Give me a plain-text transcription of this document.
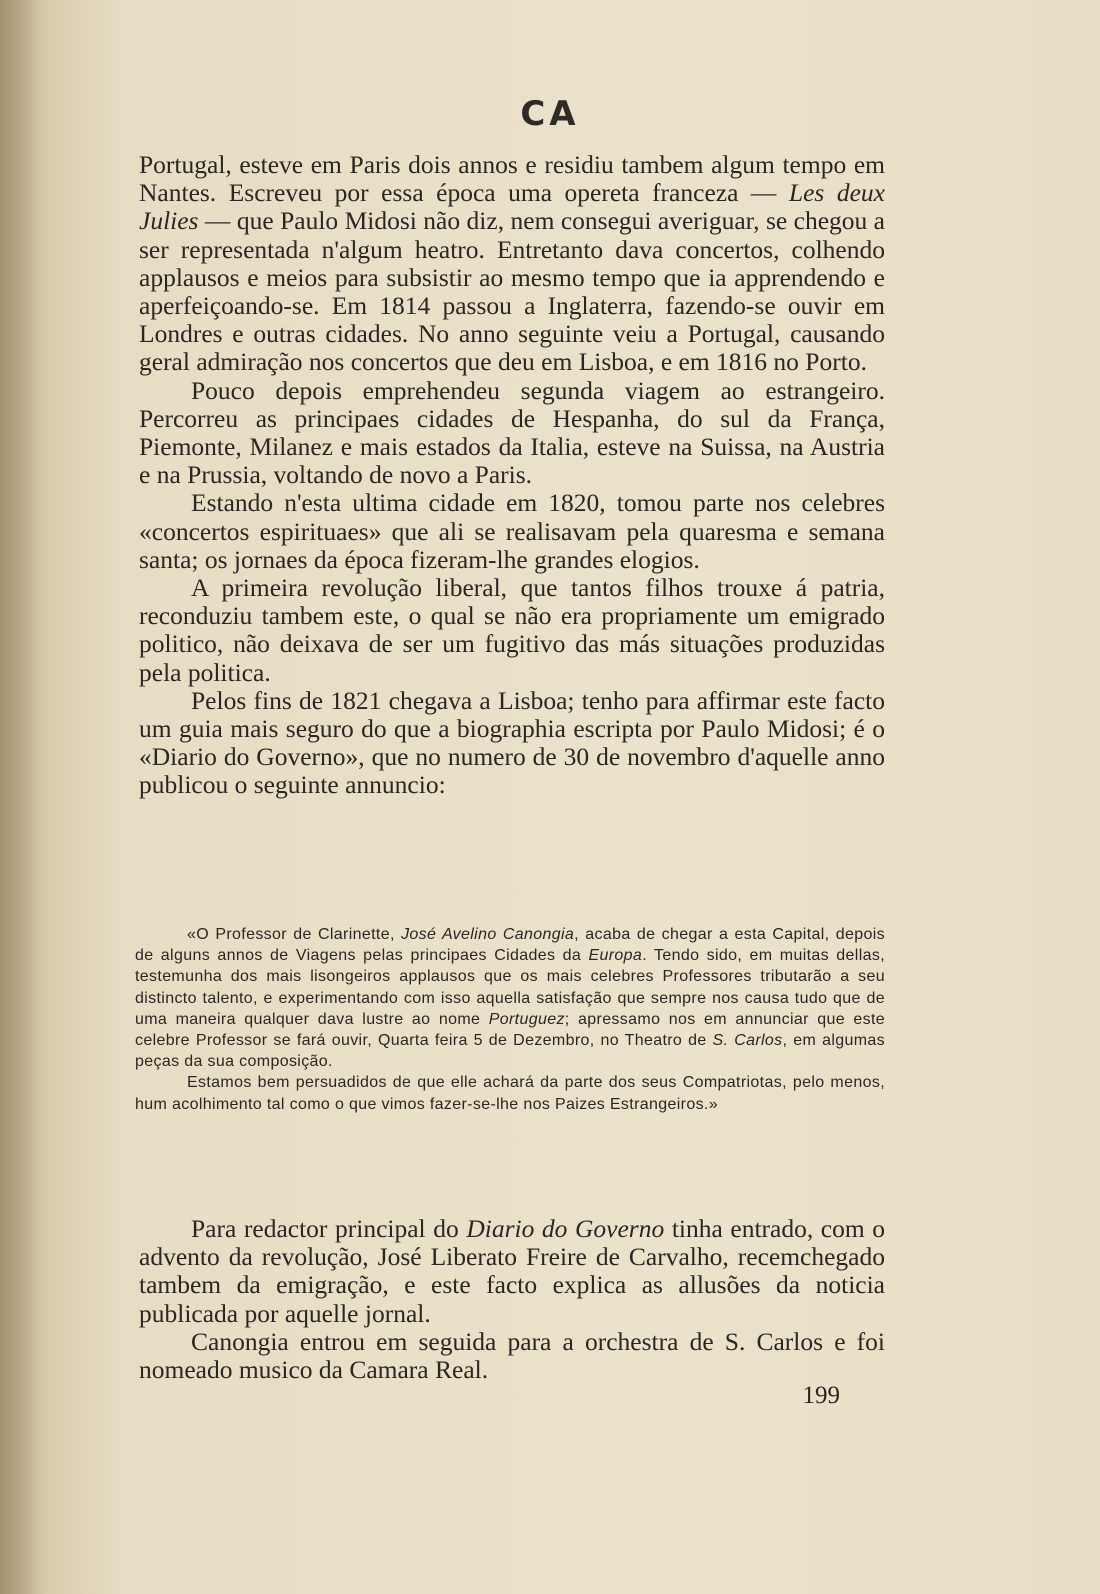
CA

Portugal, esteve em Paris dois annos e residiu tambem algum tempo em Nantes. Escreveu por essa época uma opereta franceza — Les deux Julies — que Paulo Midosi não diz, nem consegui averiguar, se chegou a ser representada n'algum heatro. Entretanto dava concertos, colhendo applausos e meios para subsistir ao mesmo tempo que ia apprendendo e aperfeiçoando-se. Em 1814 passou a Inglaterra, fazendo-se ouvir em Londres e outras cidades. No anno seguinte veiu a Portugal, causando geral admiração nos concertos que deu em Lisboa, e em 1816 no Porto.

Pouco depois emprehendeu segunda viagem ao estrangeiro. Percorreu as principaes cidades de Hespanha, do sul da França, Piemonte, Milanez e mais estados da Italia, esteve na Suissa, na Austria e na Prussia, voltando de novo a Paris.

Estando n'esta ultima cidade em 1820, tomou parte nos celebres «concertos espirituaes» que ali se realisavam pela quaresma e semana santa; os jornaes da época fizeram-lhe grandes elogios.

A primeira revolução liberal, que tantos filhos trouxe á patria, reconduziu tambem este, o qual se não era propriamente um emigrado politico, não deixava de ser um fugitivo das más situações produzidas pela politica.

Pelos fins de 1821 chegava a Lisboa; tenho para affirmar este facto um guia mais seguro do que a biographia escripta por Paulo Midosi; é o «Diario do Governo», que no numero de 30 de novembro d'aquelle anno publicou o seguinte annuncio:

«O Professor de Clarinette, José Avelino Canongia, acaba de chegar a esta Capital, depois de alguns annos de Viagens pelas principaes Cidades da Europa. Tendo sido, em muitas dellas, testemunha dos mais lisongeiros applausos que os mais celebres Professores tributarão a seu distincto talento, e experimentando com isso aquella satisfação que sempre nos causa tudo que de uma maneira qualquer dava lustre ao nome Portuguez; apressamo nos em annunciar que este celebre Professor se fará ouvir, Quarta feira 5 de Dezembro, no Theatro de S. Carlos, em algumas peças da sua composição.

Estamos bem persuadidos de que elle achará da parte dos seus Compatriotas, pelo menos, hum acolhimento tal como o que vimos fazer-se-lhe nos Paizes Estrangeiros.»

Para redactor principal do Diario do Governo tinha entrado, com o advento da revolução, José Liberato Freire de Carvalho, recemchegado tambem da emigração, e este facto explica as allusões da noticia publicada por aquelle jornal.

Canongia entrou em seguida para a orchestra de S. Carlos e foi nomeado musico da Camara Real.

199
